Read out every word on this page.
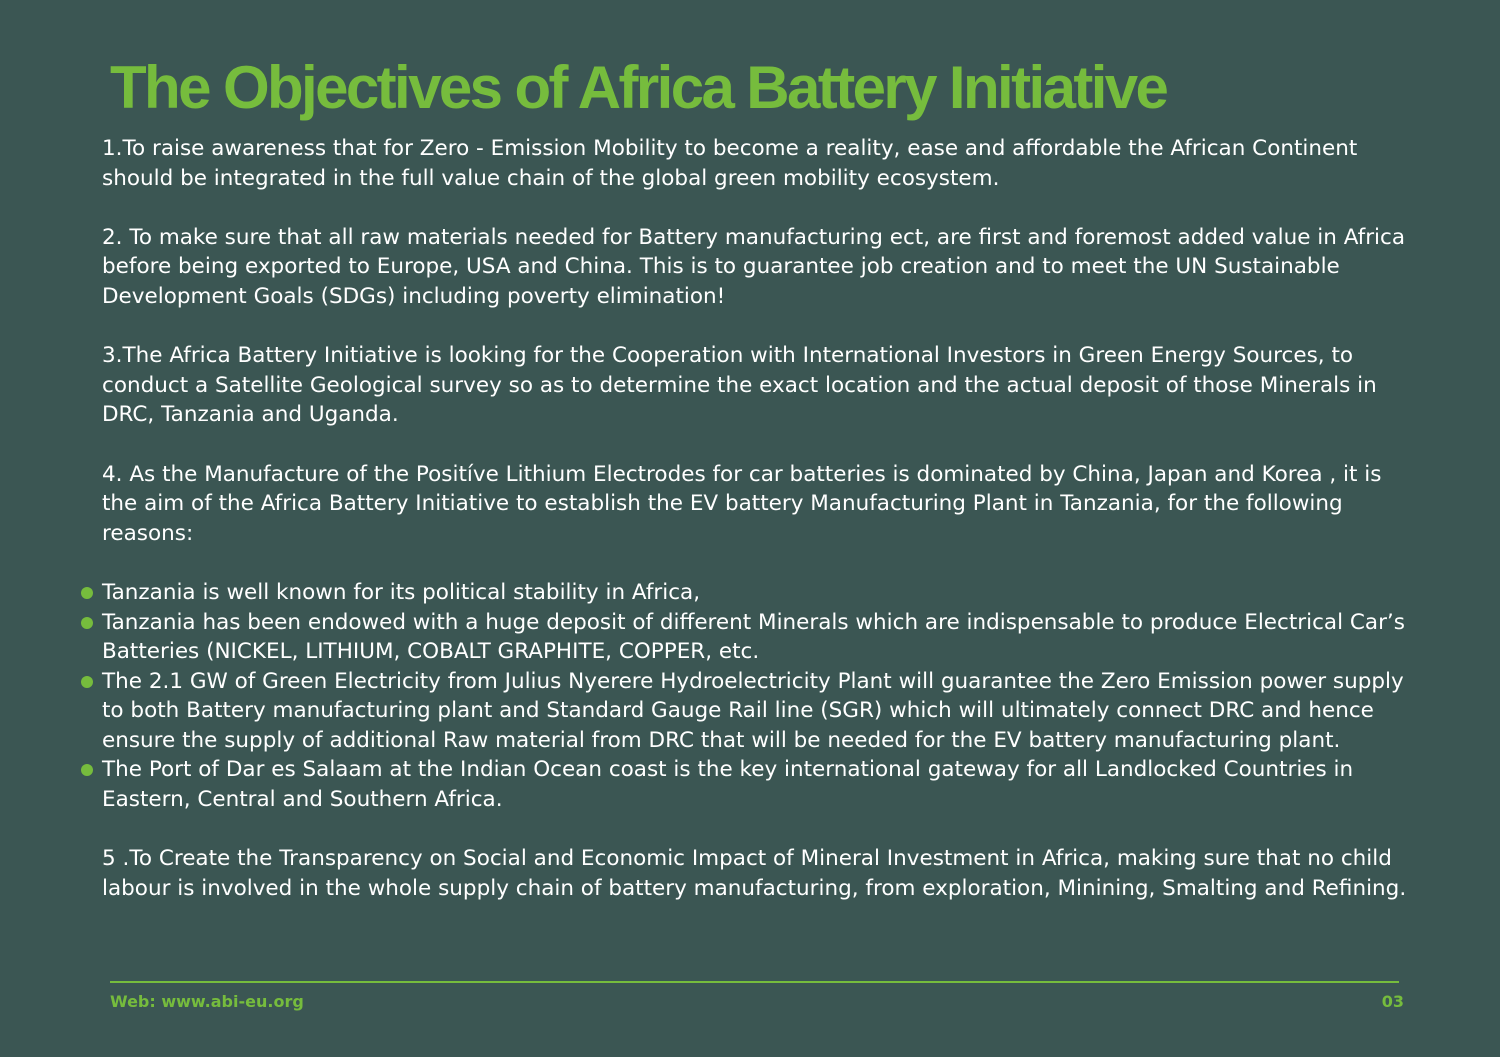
The Objectives of Africa Battery Initiative

1.To raise awareness that for Zero - Emission Mobility to become a reality, ease and affordable the African Continent should be integrated in the full value chain of the global green mobility ecosystem.

2. To make sure that all raw materials needed for Battery manufacturing ect, are first and foremost added value in Africa before being exported to Europe, USA and China. This is to guarantee job creation and to meet the UN Sustainable Development Goals (SDGs) including poverty elimination!

3.The Africa Battery Initiative is looking for the Cooperation with International Investors in Green Energy Sources, to conduct a Satellite Geological survey so as to determine the exact location and the actual deposit of those Minerals in DRC, Tanzania and Uganda.

4. As the Manufacture of the Positíve Lithium Electrodes for car batteries is dominated by China, Japan and Korea , it is the aim of the Africa Battery Initiative to establish the EV battery Manufacturing Plant in Tanzania, for the following reasons:

Tanzania is well known for its political stability in Africa,
Tanzania has been endowed with a huge deposit of different Minerals which are indispensable to produce Electrical Car’s Batteries (NICKEL, LITHIUM, COBALT GRAPHITE, COPPER, etc.
The 2.1 GW of Green Electricity from Julius Nyerere Hydroelectricity Plant will guarantee the Zero Emission power supply to both Battery manufacturing plant and Standard Gauge Rail line (SGR) which will ultimately connect DRC and hence ensure the supply of additional Raw material from DRC that will be needed for the EV battery manufacturing plant.
The Port of Dar es Salaam at the Indian Ocean coast is the key international gateway for all Landlocked Countries in Eastern, Central and Southern Africa.

5 .To Create the Transparency on Social and Economic Impact of Mineral Investment in Africa, making sure that no child labour is involved in the whole supply chain of battery manufacturing, from exploration, Minining, Smalting and Refining.

Web: www.abi-eu.org	03
